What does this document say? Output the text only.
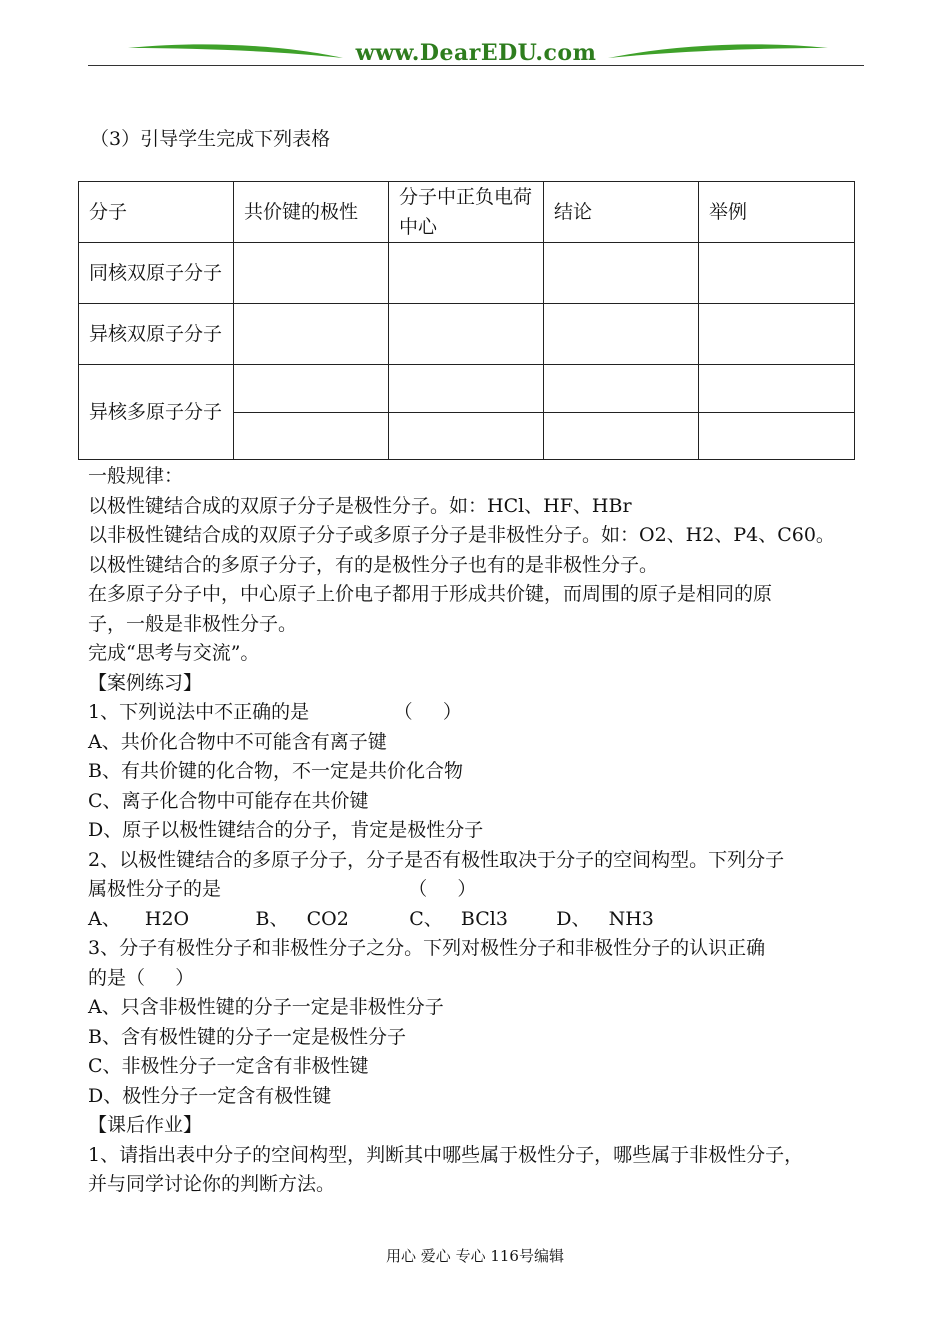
www.DearEDU.com
（3）引导学生完成下列表格
分子	共价键的极性	分子中正负电荷中心	结论	举例
同核双原子分子				
异核双原子分子				
异核多原子分子				

一般规律：

以极性键结合成的双原子分子是极性分子。如：HCl、HF、HBr

以非极性键结合成的双原子分子或多原子分子是非极性分子。如：O2、H2、P4、C60。

以极性键结合的多原子分子，有的是极性分子也有的是非极性分子。

在多原子分子中，中心原子上价电子都用于形成共价键，而周围的原子是相同的原

子，一般是非极性分子。

完成“思考与交流”。

【案例练习】

1、下列说法中不正确的是              （     ）

A、共价化合物中不可能含有离子键

B、有共价键的化合物，不一定是共价化合物

C、离子化合物中可能存在共价键

D、原子以极性键结合的分子，肯定是极性分子

2、以极性键结合的多原子分子，分子是否有极性取决于分子的空间构型。下列分子

属极性分子的是                               （     ）

A、    H2O           B、   CO2          C、   BCl3        D、   NH3

3、分子有极性分子和非极性分子之分。下列对极性分子和非极性分子的认识正确

的是（     ）

A、只含非极性键的分子一定是非极性分子

B、含有极性键的分子一定是极性分子

C、非极性分子一定含有非极性键

D、极性分子一定含有极性键

【课后作业】

1、请指出表中分子的空间构型，判断其中哪些属于极性分子，哪些属于非极性分子，

并与同学讨论你的判断方法。

用心 爱心 专心 116号编辑
